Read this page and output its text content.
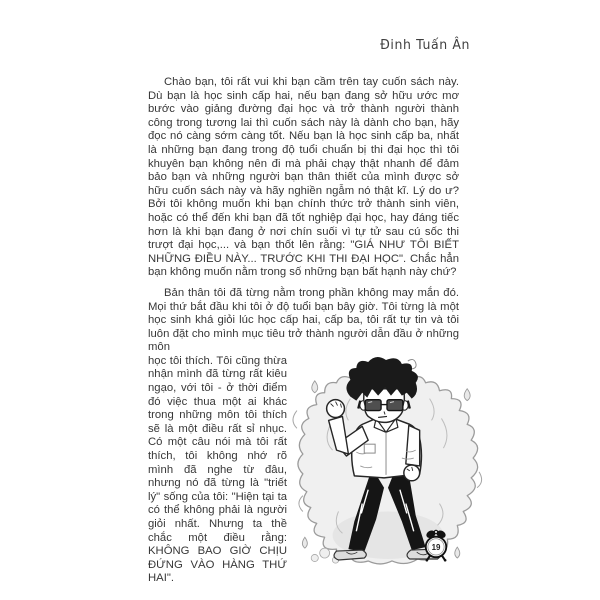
Đinh Tuấn Ân

Chào bạn, tôi rất vui khi bạn cầm trên tay cuốn sách này. Dù bạn là học sinh cấp hai, nếu bạn đang sở hữu ước mơ bước vào giảng đường đại học và trở thành người thành công trong tương lai thì cuốn sách này là dành cho bạn, hãy đọc nó càng sớm càng tốt. Nếu bạn là học sinh cấp ba, nhất là những bạn đang trong độ tuổi chuẩn bị thi đại học thì tôi khuyên bạn không nên đi mà phải chạy thật nhanh để đảm bảo bạn và những người bạn thân thiết của mình được sở hữu cuốn sách này và hãy nghiền ngẫm nó thật kĩ. Lý do ư? Bởi tôi không muốn khi bạn chính thức trở thành sinh viên, hoặc có thể đến khi bạn đã tốt nghiệp đại học, hay đáng tiếc hơn là khi bạn đang ở nơi chín suối vì tự tử sau cú sốc thi trượt đại học,... và bạn thốt lên rằng: "GIÁ NHƯ TÔI BIẾT NHỮNG ĐIỀU NÀY... TRƯỚC KHI THI ĐẠI HỌC". Chắc hẳn bạn không muốn nằm trong số những bạn bất hạnh này chứ?

Bản thân tôi đã từng nằm trong phần không may mắn đó. Mọi thứ bắt đầu khi tôi ở độ tuổi bạn bây giờ. Tôi từng là một học sinh khá giỏi lúc học cấp hai, cấp ba, tôi rất tự tin và tôi luôn đặt cho mình mục tiêu trở thành người dẫn đầu ở những môn

học tôi thích. Tôi cũng thừa nhận mình đã từng rất kiêu ngạo, với tôi - ở thời điểm đó việc thua một ai khác trong những môn tôi thích sẽ là một điều rất sỉ nhục. Có một câu nói mà tôi rất thích, tôi không nhớ rõ mình đã nghe từ đâu, nhưng nó đã từng là "triết lý" sống của tôi: "Hiện tại ta có thể không phải là người giỏi nhất. Nhưng ta thề chắc một điều rằng: KHÔNG BAO GIỜ CHỊU ĐỨNG VÀO HÀNG THỨ HAI".
19
